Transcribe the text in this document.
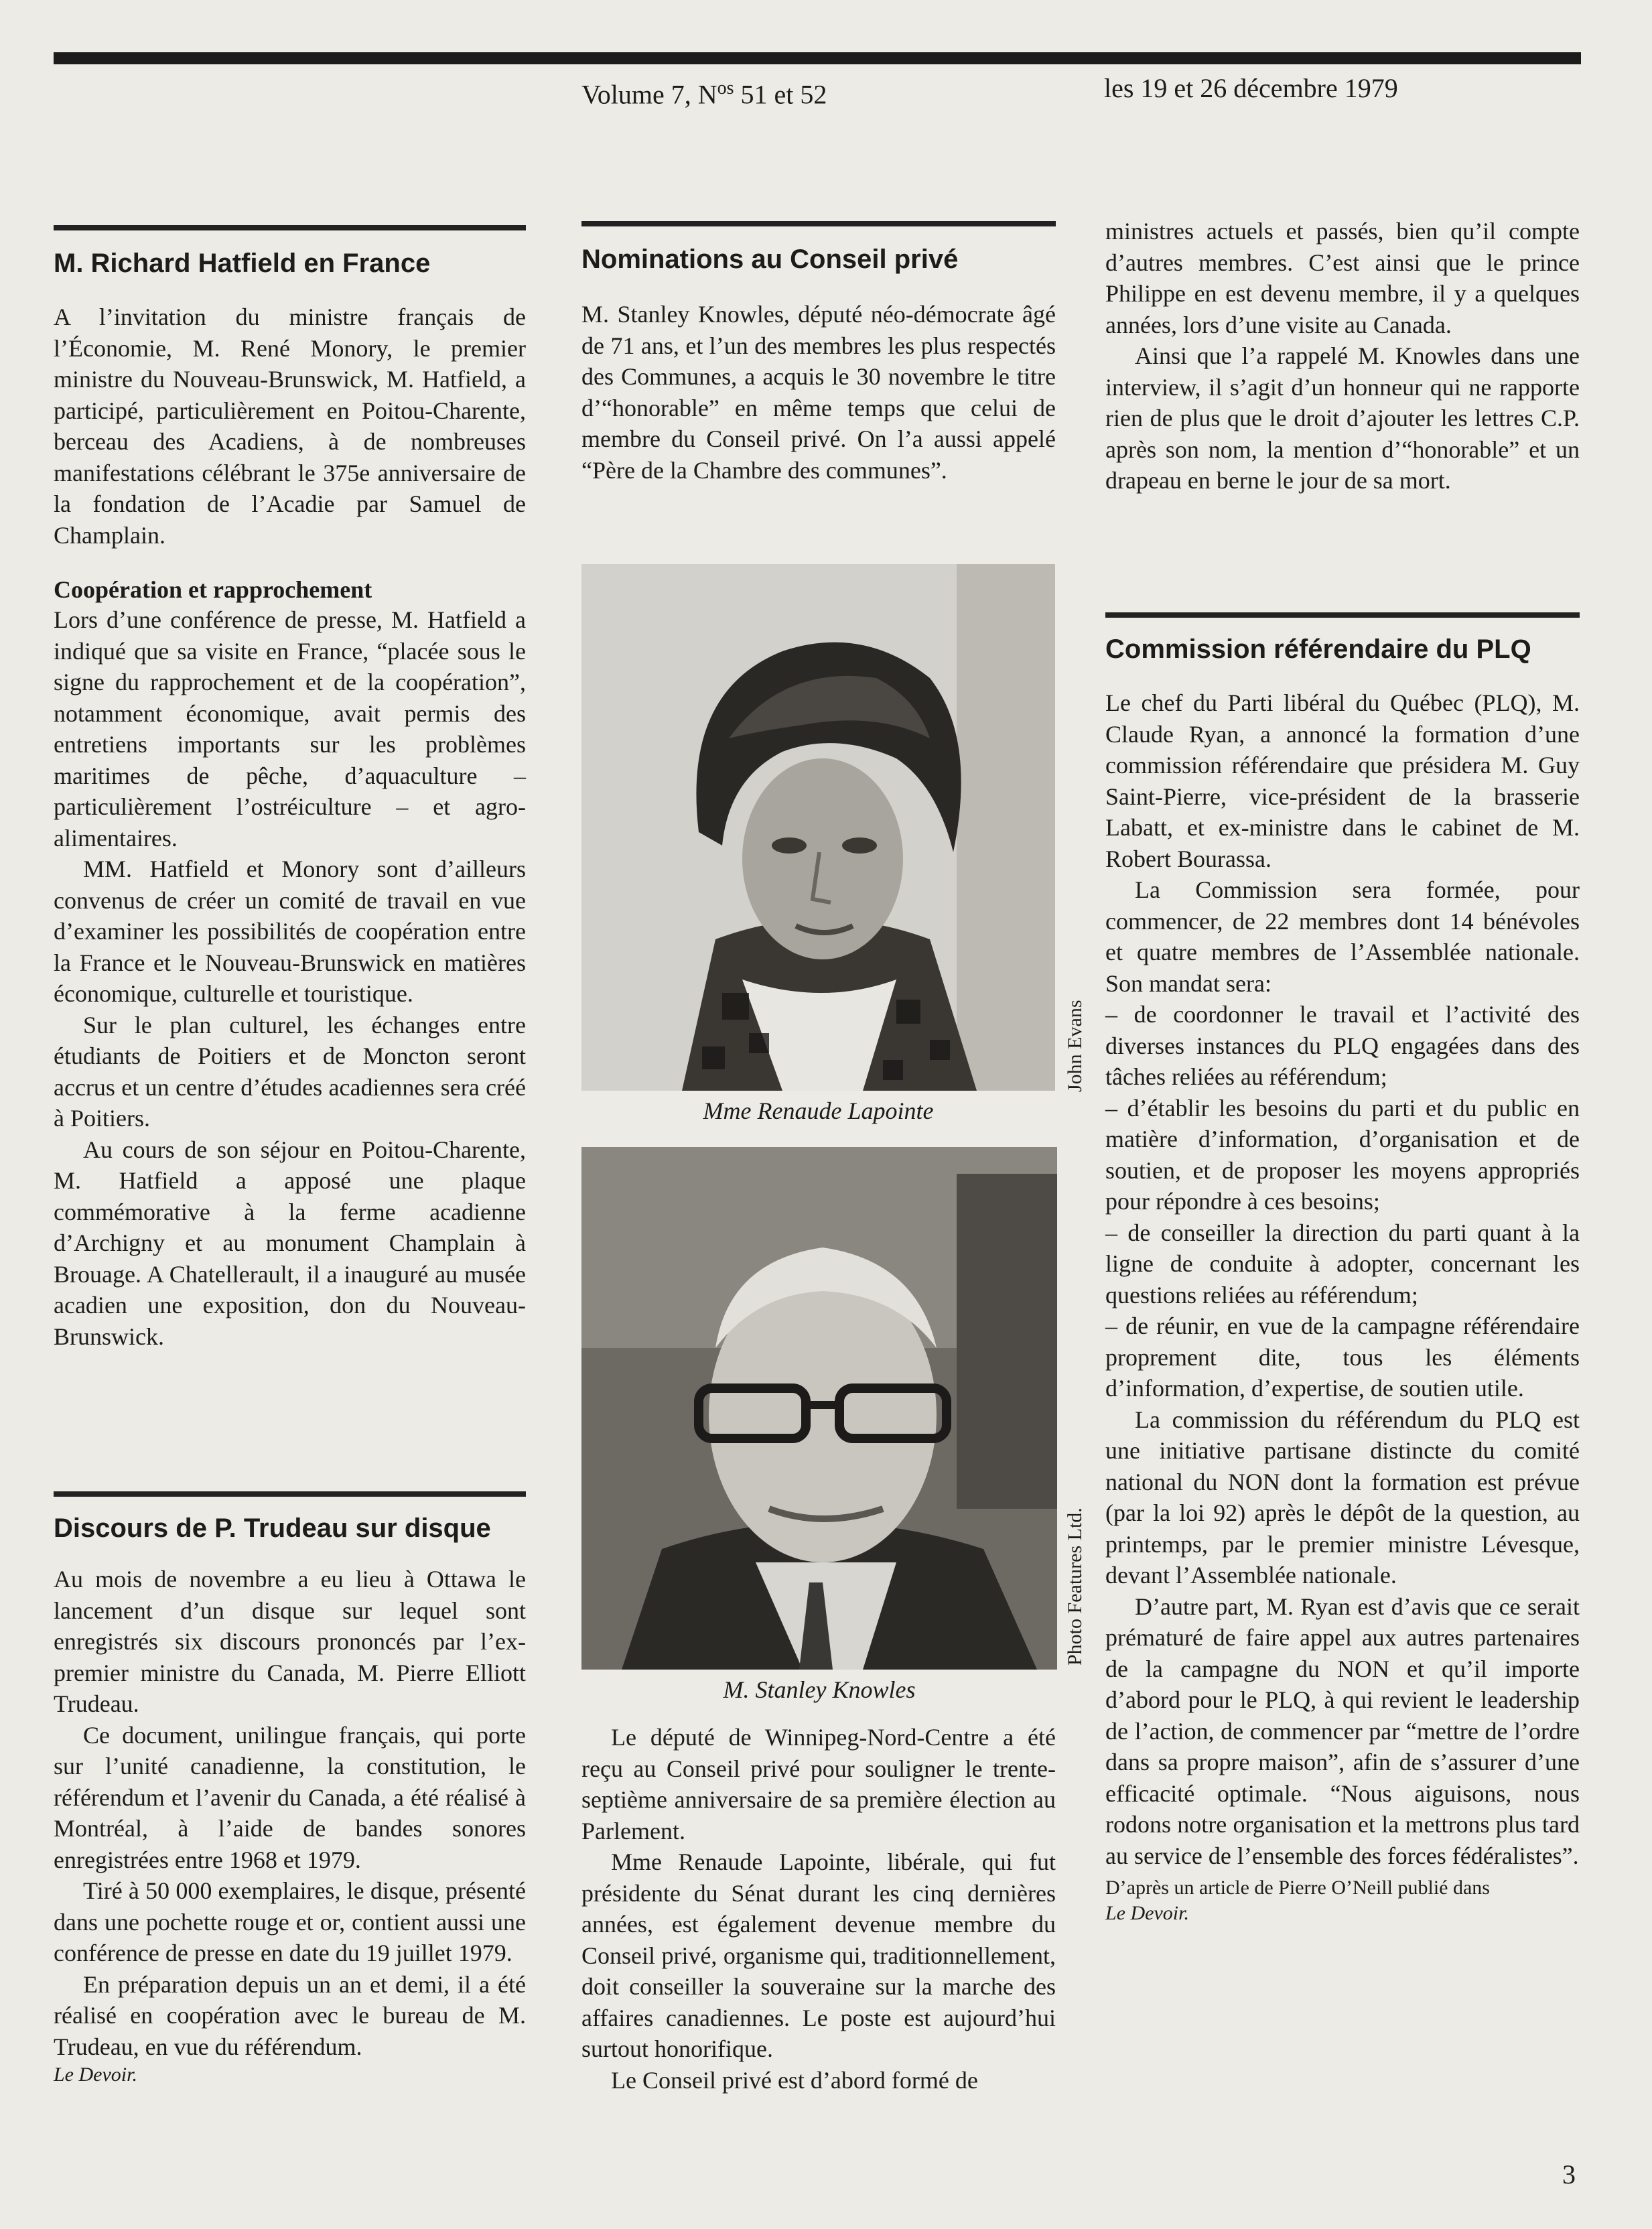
Volume 7, $N^{os}$ 51 et 52	les 19 et 26 décembre 1979
M. Richard Hatfield en France

A l’invitation du ministre français de l’Économie, M. René Monory, le premier ministre du Nouveau-Brunswick, M. Hatfield, a participé, particulièrement en Poitou-Charente, berceau des Acadiens, à de nombreuses manifestations célébrant le 375e anniversaire de la fondation de l’Acadie par Samuel de Champlain.

Coopération et rapprochement

Lors d’une conférence de presse, M. Hatfield a indiqué que sa visite en France, “placée sous le signe du rapprochement et de la coopération”, notamment économique, avait permis des entretiens importants sur les problèmes maritimes de pêche, d’aquaculture – particulièrement l’ostréiculture – et agro-alimentaires.

MM. Hatfield et Monory sont d’ailleurs convenus de créer un comité de travail en vue d’examiner les possibilités de coopération entre la France et le Nouveau-Brunswick en matières économique, culturelle et touristique.

Sur le plan culturel, les échanges entre étudiants de Poitiers et de Moncton seront accrus et un centre d’études acadiennes sera créé à Poitiers.

Au cours de son séjour en Poitou-Charente, M. Hatfield a apposé une plaque commémorative à la ferme acadienne d’Archigny et au monument Champlain à Brouage. A Chatellerault, il a inauguré au musée acadien une exposition, don du Nouveau-Brunswick.

Discours de P. Trudeau sur disque

Au mois de novembre a eu lieu à Ottawa le lancement d’un disque sur lequel sont enregistrés six discours prononcés par l’ex-premier ministre du Canada, M. Pierre Elliott Trudeau.

Ce document, unilingue français, qui porte sur l’unité canadienne, la constitution, le référendum et l’avenir du Canada, a été réalisé à Montréal, à l’aide de bandes sonores enregistrées entre 1968 et 1979.

Tiré à 50 000 exemplaires, le disque, présenté dans une pochette rouge et or, contient aussi une conférence de presse en date du 19 juillet 1979.

En préparation depuis un an et demi, il a été réalisé en coopération avec le bureau de M. Trudeau, en vue du référendum.

Le Devoir.

Nominations au Conseil privé

M. Stanley Knowles, député néo-démocrate âgé de 71 ans, et l’un des membres les plus respectés des Communes, a acquis le 30 novembre le titre d’“honorable” en même temps que celui de membre du Conseil privé. On l’a aussi appelé “Père de la Chambre des communes”.

Mme Renaude Lapointe
John Evans
M. Stanley Knowles
Photo Features Ltd.

Le député de Winnipeg-Nord-Centre a été reçu au Conseil privé pour souligner le trente-septième anniversaire de sa première élection au Parlement.

Mme Renaude Lapointe, libérale, qui fut présidente du Sénat durant les cinq dernières années, est également devenue membre du Conseil privé, organisme qui, traditionnellement, doit conseiller la souveraine sur la marche des affaires canadiennes. Le poste est aujourd’hui surtout honorifique.

Le Conseil privé est d’abord formé de

ministres actuels et passés, bien qu’il compte d’autres membres. C’est ainsi que le prince Philippe en est devenu membre, il y a quelques années, lors d’une visite au Canada.

Ainsi que l’a rappelé M. Knowles dans une interview, il s’agit d’un honneur qui ne rapporte rien de plus que le droit d’ajouter les lettres C.P. après son nom, la mention d’“honorable” et un drapeau en berne le jour de sa mort.

Commission référendaire du PLQ

Le chef du Parti libéral du Québec (PLQ), M. Claude Ryan, a annoncé la formation d’une commission référendaire que présidera M. Guy Saint-Pierre, vice-président de la brasserie Labatt, et ex-ministre dans le cabinet de M. Robert Bourassa.

La Commission sera formée, pour commencer, de 22 membres dont 14 bénévoles et quatre membres de l’Assemblée nationale. Son mandat sera:

– de coordonner le travail et l’activité des diverses instances du PLQ engagées dans des tâches reliées au référendum;

– d’établir les besoins du parti et du public en matière d’information, d’organisation et de soutien, et de proposer les moyens appropriés pour répondre à ces besoins;

– de conseiller la direction du parti quant à la ligne de conduite à adopter, concernant les questions reliées au référendum;

– de réunir, en vue de la campagne référendaire proprement dite, tous les éléments d’information, d’expertise, de soutien utile.

La commission du référendum du PLQ est une initiative partisane distincte du comité national du NON dont la formation est prévue (par la loi 92) après le dépôt de la question, au printemps, par le premier ministre Lévesque, devant l’Assemblée nationale.

D’autre part, M. Ryan est d’avis que ce serait prématuré de faire appel aux autres partenaires de la campagne du NON et qu’il importe d’abord pour le PLQ, à qui revient le leadership de l’action, de commencer par “mettre de l’ordre dans sa propre maison”, afin de s’assurer d’une efficacité optimale. “Nous aiguisons, nous rodons notre organisation et la mettrons plus tard au service de l’ensemble des forces fédéralistes”.

D’après un article de Pierre O’Neill publié dans
Le Devoir.

3
